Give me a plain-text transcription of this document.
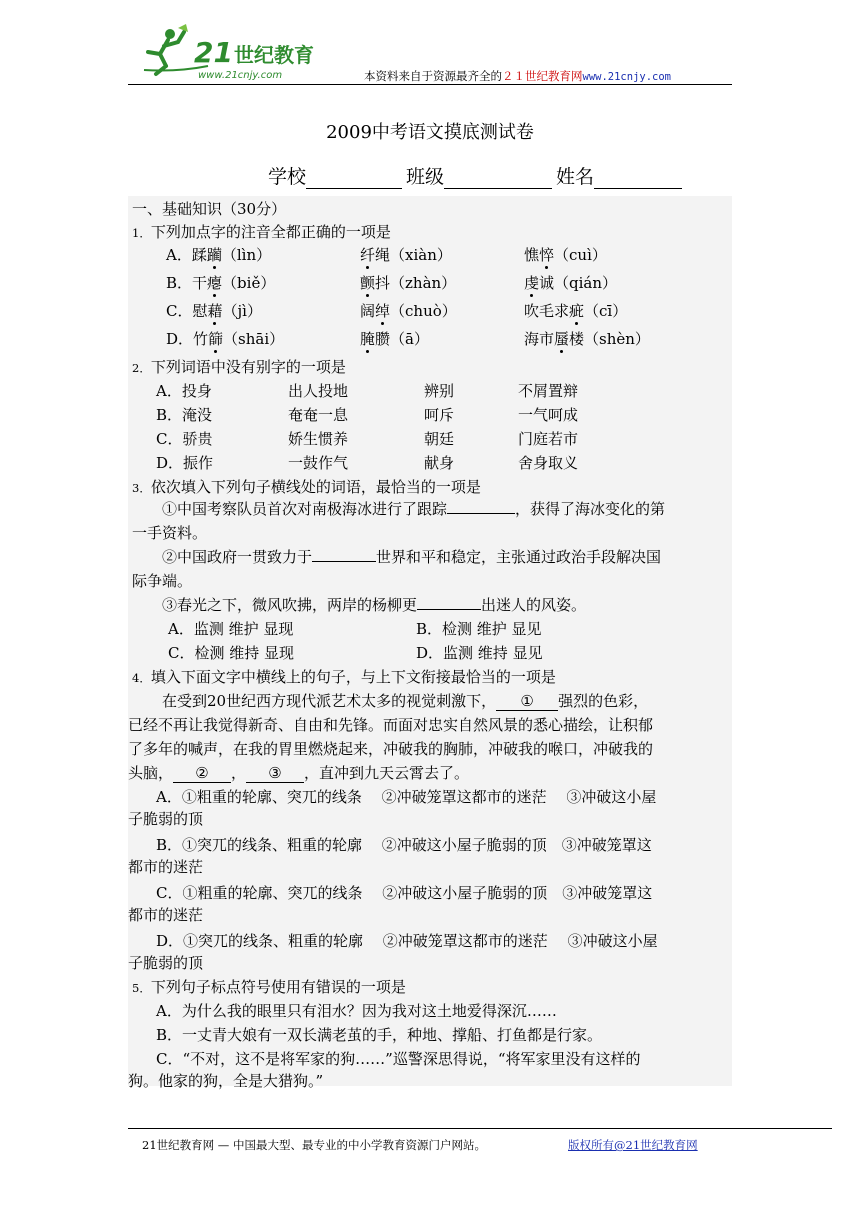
21 世纪教育
www.21cnjy.com	本资料来自于资源最齐全的２１世纪教育网www.21cnjy.com
2009中考语文摸底测试卷
学校	班级	姓名
一、基础知识（30分）
1．下列加点字的注音全都正确的一项是
A．蹂躏（lìn）	纤绳（xiàn）	憔悴（cuì）
B．干瘪（biě）	颤抖（zhàn）	虔诚（qián）
C．慰藉（jì）	阔绰（chuò）	吹毛求疵（cī）
D．竹篩（shāi）	腌臜（ā）	海市蜃楼（shèn）
2．下列词语中没有别字的一项是
A．投身	出人投地	辨别	不屑置辩
B．淹没	奄奄一息	呵斥	一气呵成
C．骄贵	娇生惯养	朝廷	门庭若市
D．振作	一鼓作气	献身	舍身取义
3．依次填入下列句子横线处的词语，最恰当的一项是
①中国考察队员首次对南极海冰进行了跟踪	，获得了海冰变化的第
一手资料。
②中国政府一贯致力于	世界和平和稳定，主张通过政治手段解决国
际争端。
③春光之下，微风吹拂，两岸的杨柳更	出迷人的风姿。
A．监测 维护 显现	B．检测 维护 显见
C．检测 维持 显现	D．监测 维持 显见
4．填入下面文字中横线上的句子，与上下文衔接最恰当的一项是
在受到20世纪西方现代派艺术太多的视觉刺激下， ① 强烈的色彩，
已经不再让我觉得新奇、自由和先锋。而面对忠实自然风景的悉心描绘，让积郁
了多年的喊声，在我的胃里燃烧起来，冲破我的胸肺，冲破我的喉口，冲破我的
头脑， ② ， ③ ，直冲到九天云霄去了。
A．①粗重的轮廓、突兀的线条　 ②冲破笼罩这都市的迷茫　 ③冲破这小屋
子脆弱的顶
B．①突兀的线条、粗重的轮廓　 ②冲破这小屋子脆弱的顶　③冲破笼罩这
都市的迷茫
C．①粗重的轮廓、突兀的线条　 ②冲破这小屋子脆弱的顶　③冲破笼罩这
都市的迷茫
D．①突兀的线条、粗重的轮廓　 ②冲破笼罩这都市的迷茫　 ③冲破这小屋
子脆弱的顶
5．下列句子标点符号使用有错误的一项是
A．为什么我的眼里只有泪水？因为我对这土地爱得深沉……
B．一丈青大娘有一双长满老茧的手，种地、撑船、打鱼都是行家。
C．“不对，这不是将军家的狗……”巡警深思得说，“将军家里没有这样的
狗。他家的狗，全是大猎狗。”
21世纪教育网 — 中国最大型、最专业的中小学教育资源门户网站。	版权所有@21世纪教育网
